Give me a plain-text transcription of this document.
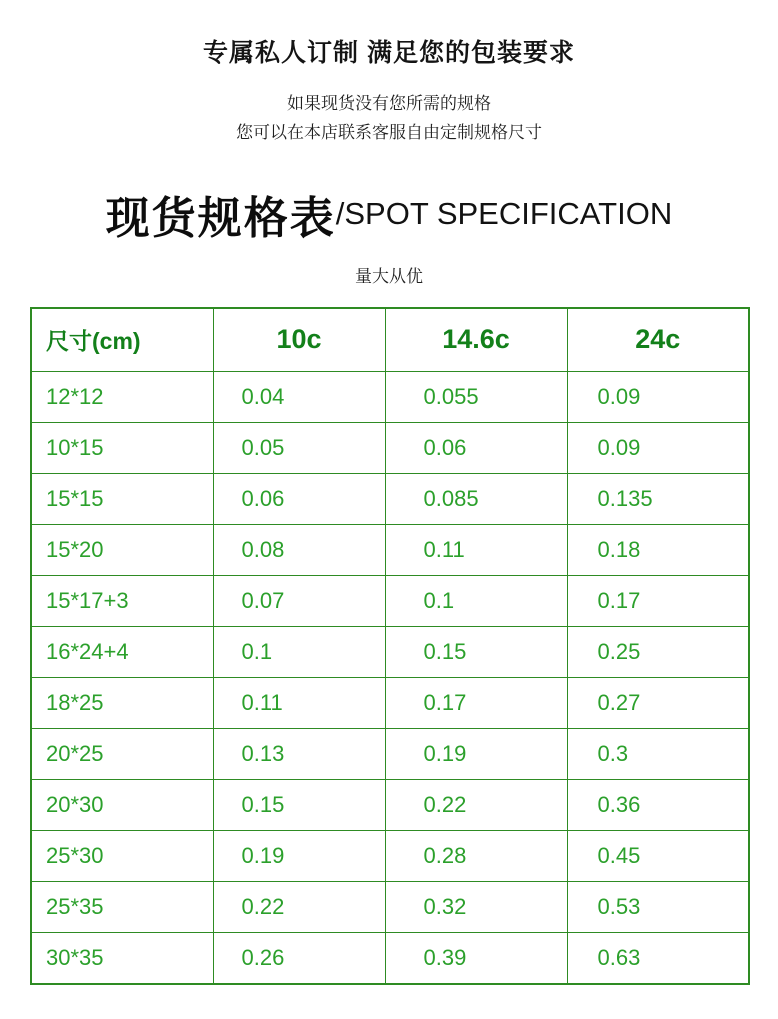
专属私人订制 满足您的包装要求
如果现货没有您所需的规格
您可以在本店联系客服自由定制规格尺寸
现货规格表/SPOT SPECIFICATION
量大从优
尺寸(cm)	10c	14.6c	24c
12*12	0.04	0.055	0.09
10*15	0.05	0.06	0.09
15*15	0.06	0.085	0.135
15*20	0.08	0.11	0.18
15*17+3	0.07	0.1	0.17
16*24+4	0.1	0.15	0.25
18*25	0.11	0.17	0.27
20*25	0.13	0.19	0.3
20*30	0.15	0.22	0.36
25*30	0.19	0.28	0.45
25*35	0.22	0.32	0.53
30*35	0.26	0.39	0.63
